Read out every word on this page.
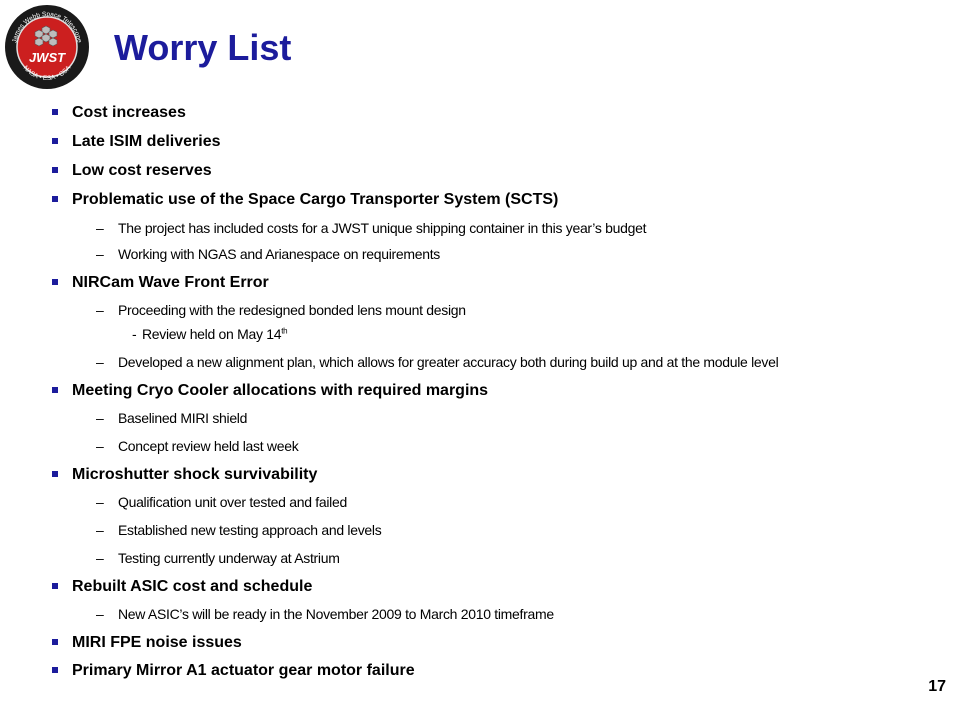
JWST
James Webb Space Telescope
NASA • ESA • CSA
Worry List
Cost increases
Late ISIM deliveries
Low cost reserves
Problematic use of the Space Cargo Transporter System (SCTS)
– The project has included costs for a JWST unique shipping container in this year’s budget
– Working with NGAS and Arianespace on requirements
NIRCam Wave Front Error
– Proceeding with the redesigned bonded lens mount design
- Review held on May 14th
– Developed a new alignment plan, which allows for greater accuracy both during build up and at the module level
Meeting Cryo Cooler allocations with required margins
– Baselined MIRI shield
– Concept review held last week
Microshutter shock survivability
– Qualification unit over tested and failed
– Established new testing approach and levels
– Testing currently underway at Astrium
Rebuilt ASIC cost and schedule
– New ASIC’s will be ready in the November 2009 to March 2010 timeframe
MIRI FPE noise issues
Primary Mirror A1 actuator gear motor failure
17
